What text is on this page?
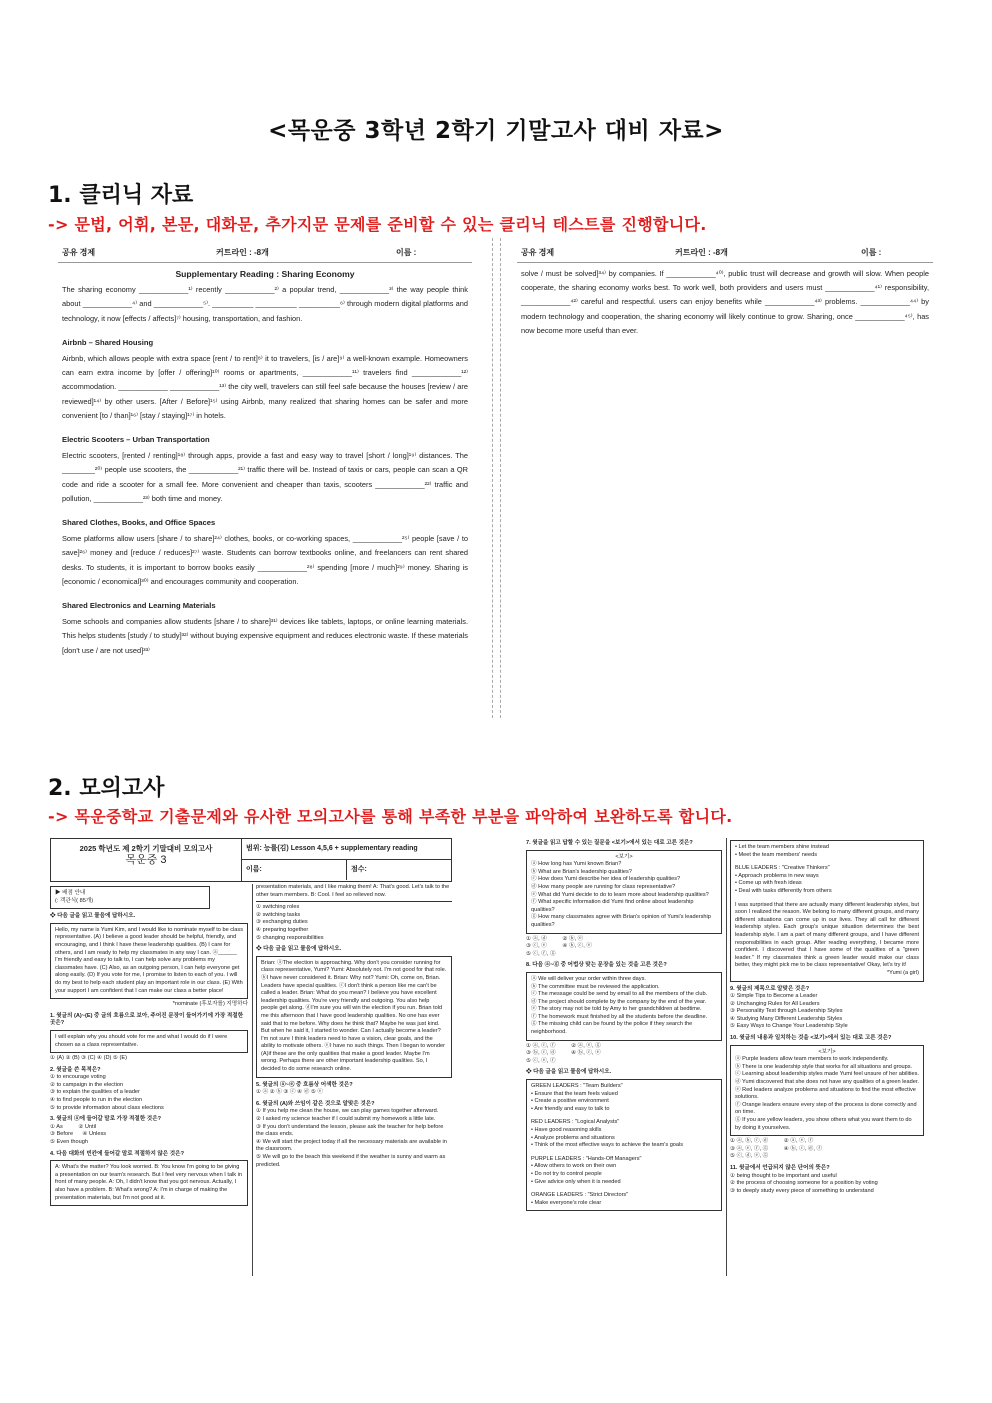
<목운중 3학년 2학기 기말고사 대비 자료>
1. 클리닉 자료
-> 문법, 어휘, 본문, 대화문, 추가지문 문제를 준비할 수 있는 클리닉 테스트를 진행합니다.
공유 경제	커트라인 : -8개	이름 :
Supplementary Reading : Sharing Economy

The sharing economy ____________¹⁾ recently ____________²⁾ a popular trend, ____________³⁾ the way people think about ____________⁴⁾ and ____________⁵⁾. __________ __________ __________⁶⁾ through modern digital platforms and technology, it now [effects / affects]⁷⁾ housing, transportation, and fashion.

Airbnb – Shared Housing

Airbnb, which allows people with extra space [rent / to rent]⁸⁾ it to travelers, [is / are]⁹⁾ a well-known example. Homeowners can earn extra income by [offer / offering]¹⁰⁾ rooms or apartments, ____________¹¹⁾ travelers find ____________¹²⁾ accommodation. ____________ ____________¹³⁾ the city well, travelers can still feel safe because the houses [review / are reviewed]¹⁴⁾ by other users. [After / Before]¹⁵⁾ using Airbnb, many realized that sharing homes can be safer and more convenient [to / than]¹⁶⁾ [stay / staying]¹⁷⁾ in hotels.

Electric Scooters – Urban Transportation

Electric scooters, [rented / renting]¹⁸⁾ through apps, provide a fast and easy way to travel [short / long]¹⁹⁾ distances. The ________²⁰⁾ people use scooters, the ____________²¹⁾ traffic there will be. Instead of taxis or cars, people can scan a QR code and ride a scooter for a small fee. More convenient and cheaper than taxis, scooters ____________²²⁾ traffic and pollution, ____________²³⁾ both time and money.

Shared Clothes, Books, and Office Spaces

Some platforms allow users [share / to share]²⁴⁾ clothes, books, or co-working spaces, ____________²⁵⁾ people [save / to save]²⁶⁾ money and [reduce / reduces]²⁷⁾ waste. Students can borrow textbooks online, and freelancers can rent shared desks. To students, it is important to borrow books easily ____________²⁸⁾ spending [more / much]²⁹⁾ money. Sharing is [economic / economical]³⁰⁾ and encourages community and cooperation.

Shared Electronics and Learning Materials

Some schools and companies allow students [share / to share]³¹⁾ devices like tablets, laptops, or online learning materials. This helps students [study / to study]³²⁾ without buying expensive equipment and reduces electronic waste. If these materials [don't use / are not used]³³⁾

공유 경제	커트라인 : -8개	이름 :

solve / must be solved]³⁴⁾ by companies. If ____________⁴⁰⁾, public trust will decrease and growth will slow. When people cooperate, the sharing economy works best. To work well, both providers and users must ____________⁴¹⁾ responsibility, ____________⁴²⁾ careful and respectful. users can enjoy benefits while ____________⁴³⁾ problems. ____________⁴⁴⁾ by modern technology and cooperation, the sharing economy will likely continue to grow. Sharing, once ____________⁴⁵⁾, has now become more useful than ever.

2. 모의고사
-> 목운중학교 기출문제와 유사한 모의고사를 통해 부족한 부분을 파악하여 보완하도록 합니다.
2025 학년도 제 2학기 기말대비 모의고사
목운중 3
범위: 능률(김) Lesson 4,5,6 + supplementary reading
이름:	점수:
▶ 배점 안내
(: 객관식( 85개)
❖ 다음 글을 읽고 물음에 답하시오.
Hello, my name is Yumi Kim, and I would like to nominate myself to be class representative. (A) I believe a good leader should be helpful, friendly, and encouraging, and I think I have these leadership qualities. (B) I care for others, and I am ready to help my classmates in any way I can. ⓐ______ I'm friendly and easy to talk to, I can help solve any problems my classmates have. (C) Also, as an outgoing person, I can help everyone get along easily. (D) If you vote for me, I promise to listen to each of you. I will do my best to help each student play an important role in our class. (E) With your support I am confident that I can make our class a better place!
*nominate (후보자를) 지명하다
1. 윗글의 (A)~(E) 중 글의 흐름으로 보아, 주어진 문장이 들어가기에 가장 적절한 곳은?
I will explain why you should vote for me and what I would do if I were chosen as a class representative.
① (A) ② (B) ③ (C) ④ (D) ⑤ (E)
2. 윗글을 쓴 목적은?
① to encourage voting
② to campaign in the election
③ to explain the qualities of a leader
④ to find people to run in the election
⑤ to provide information about class elections
3. 윗글의 ⓐ에 들어갈 말로 가장 적절한 것은?
① As          ② Until
③ Before      ④ Unless
⑤ Even though
4. 다음 대화의 빈칸에 들어갈 말로 적절하지 않은 것은?
A: What's the matter? You look worried. B: You know I'm going to be giving a presentation on our team's research. But I feel very nervous when I talk in front of many people. A: Oh, I didn't know that you got nervous. Actually, I also have a problem. B: What's wrong? A: I'm in charge of making the presentation materials, but I'm not good at it.
presentation materials, and I like making them! A: That's good. Let's talk to the other team members. B: Cool. I feel so relieved now.
① switching roles
② switching tasks
③ exchanging duties
④ preparing together
⑤ changing responsibilities
❖ 다음 글을 읽고 물음에 답하시오.
Brian: ⓐThe election is approaching. Why don't you consider running for class representative, Yumi? Yumi: Absolutely not. I'm not good for that role. ⓑI have never considered it. Brian: Why not? Yumi: Oh, come on, Brian. Leaders have special qualities. ⓒI don't think a person like me can't be called a leader. Brian: What do you mean? I believe you have excellent leadership qualities. You're very friendly and outgoing. You also help people get along. ⓓI'm sure you will win the election if you run. Brian told me this afternoon that I have good leadership qualities. No one has ever said that to me before. Why does he think that? Maybe he was just kind. But when he said it, I started to wonder. Can I actually become a leader? I'm not sure I think leaders need to have a vision, clear goals, and the ability to motivate others. ⓔI have no such things. Then I began to wonder (A)if these are the only qualities that make a good leader. Maybe I'm wrong. Perhaps there are other important leadership qualities. So, I decided to do some research online.
5. 윗글의 ⓐ~ⓔ 중 흐름상 어색한 것은?
① ⓐ ② ⓑ ③ ⓒ ④ ⓓ ⑤ ⓔ
6. 윗글의 (A)와 쓰임이 같은 것으로 알맞은 것은?
① If you help me clean the house, we can play games together afterward.
② I asked my science teacher if I could submit my homework a little late.
③ If you don't understand the lesson, please ask the teacher for help before the class ends.
④ We will start the project today if all the necessary materials are available in the classroom.
⑤ We will go to the beach this weekend if the weather is sunny and warm as predicted.
7. 윗글을 읽고 답할 수 있는 질문을 <보기>에서 있는 대로 고른 것은?
<보기>
ⓐ How long has Yumi known Brian?
ⓑ What are Brian's leadership qualities?
ⓒ How does Yumi describe her idea of leadership qualities?
ⓓ How many people are running for class representative?
ⓔ What did Yumi decide to do to learn more about leadership qualities?
ⓕ What specific information did Yumi find online about leadership qualities?
ⓖ How many classmates agree with Brian's opinion of Yumi's leadership qualities?
① ⓐ, ⓓ          ② ⓑ, ⓔ
③ ⓒ, ⓔ          ④ ⓑ, ⓒ, ⓔ
⑤ ⓒ, ⓕ, ⓖ
8. 다음 ⓐ~ⓖ 중 어법상 맞는 문장을 있는 것을 고른 것은?
ⓐ We will deliver your order within three days.
ⓑ The committee must be reviewed the application.
ⓒ The message could be send by email to all the members of the club.
ⓓ The project should complete by the company by the end of the year.
ⓔ The story may not be told by Amy to her grandchildren at bedtime.
ⓕ The homework must finished by all the students before the deadline.
ⓖ The missing child can be found by the police if they search the neighborhood.
① ⓐ, ⓒ, ⓕ          ② ⓐ, ⓔ, ⓖ
③ ⓑ, ⓒ, ⓓ          ④ ⓑ, ⓒ, ⓔ
⑤ ⓒ, ⓔ, ⓕ
❖ 다음 글을 읽고 물음에 답하시오.
GREEN LEADERS : "Team Builders"
• Ensure that the team feels valued
• Create a positive environment
• Are friendly and easy to talk to
RED LEADERS : "Logical Analysts"
• Have good reasoning skills
• Analyze problems and situations
• Think of the most effective ways to achieve the team's goals
PURPLE LEADERS : "Hands-Off Managers"
• Allow others to work on their own
• Do not try to control people
• Give advice only when it is needed
ORANGE LEADERS : "Strict Directors"
• Make everyone's role clear
• Let the team members shine instead
• Meet the team members' needs
BLUE LEADERS : "Creative Thinkers"
• Approach problems in new ways
• Come up with fresh ideas
• Deal with tasks differently from others
I was surprised that there are actually many different leadership styles, but soon I realized the reason. We belong to many different groups, and many different situations can come up in our lives. They all call for different leadership styles. Each group's unique situation determines the best leadership style. I am a part of many different groups, and I have different responsibilities in each group. After reading everything, I became more confident. I discovered that I have some of the qualities of a "green leader." If my classmates think a green leader would make our class better, they might pick me to be class representative! Okay, let's try it!
*Yumi (a girl)
9. 윗글의 제목으로 알맞은 것은?
① Simple Tips to Become a Leader
② Unchanging Rules for All Leaders
③ Personality Test through Leadership Styles
④ Studying Many Different Leadership Styles
⑤ Easy Ways to Change Your Leadership Style
10. 윗글의 내용과 일치하는 것을 <보기>에서 있는 대로 고른 것은?
<보기>
ⓐ Purple leaders allow team members to work independently.
ⓑ There is one leadership style that works for all situations and groups.
ⓒ Learning about leadership styles made Yumi feel unsure of her abilities.
ⓓ Yumi discovered that she does not have any qualities of a green leader.
ⓔ Red leaders analyze problems and situations to find the most effective solutions.
ⓕ Orange leaders ensure every step of the process is done correctly and on time.
ⓖ If you are yellow leaders, you show others what you want them to do by doing it yourselves.
① ⓐ, ⓑ, ⓒ, ⓓ          ② ⓐ, ⓔ, ⓕ
③ ⓐ, ⓔ, ⓕ, ⓖ          ④ ⓑ, ⓒ, ⓓ, ⓕ
⑤ ⓒ, ⓓ, ⓔ, ⓖ
11. 윗글에서 언급되지 않은 단어의 뜻은?
① being thought to be important and useful
② the process of choosing someone for a position by voting
③ to deeply study every piece of something to understand
